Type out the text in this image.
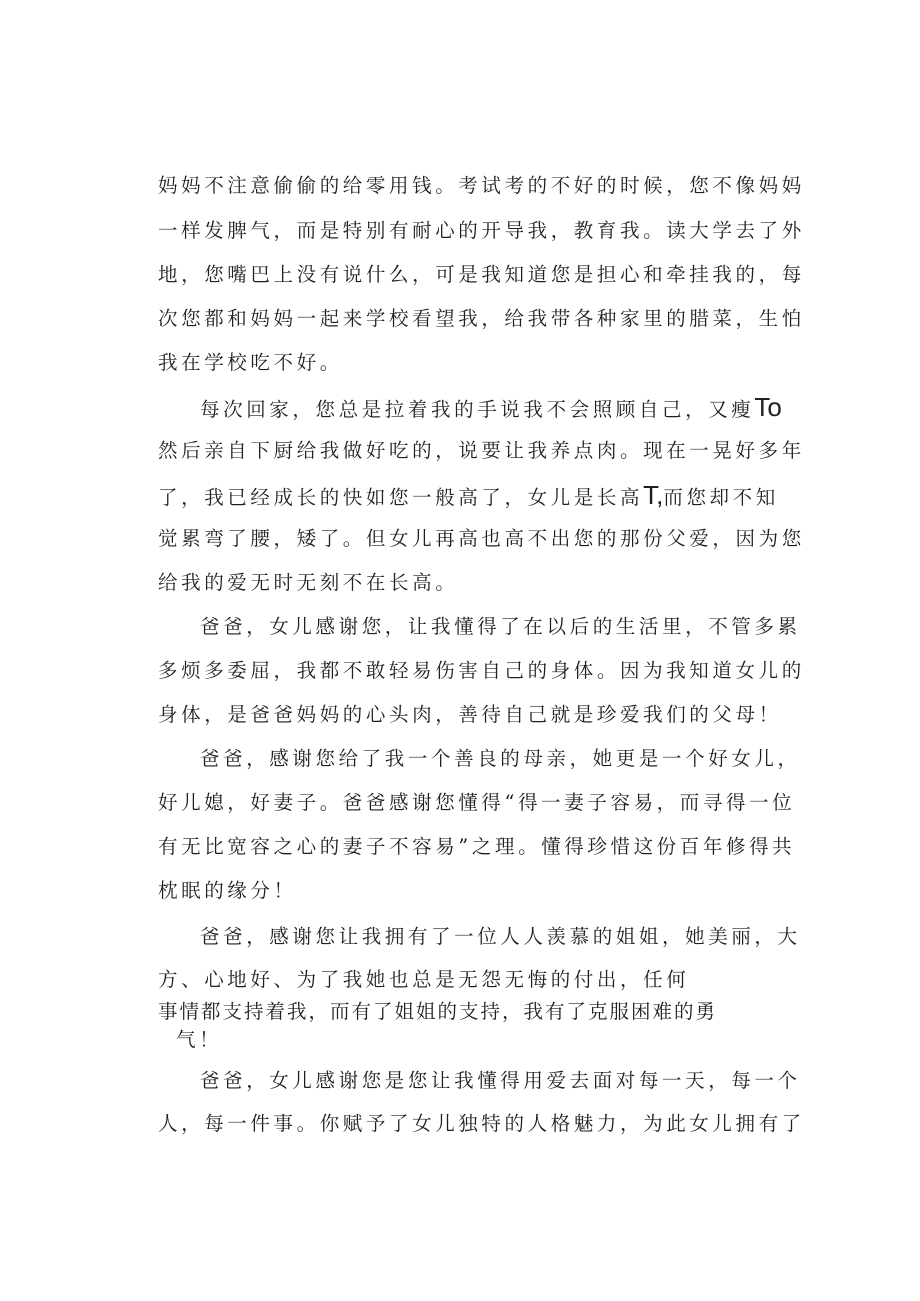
妈妈不注意偷偷的给零用钱。考试考的不好的时候，您不像妈妈
一样发脾气，而是特别有耐心的开导我，教育我。读大学去了外
地，您嘴巴上没有说什么，可是我知道您是担心和牵挂我的，每
次您都和妈妈一起来学校看望我，给我带各种家里的腊菜，生怕
我在学校吃不好。
每次回家，您总是拉着我的手说我不会照顾自己，又瘦To
然后亲自下厨给我做好吃的，说要让我养点肉。现在一晃好多年
了，我已经成长的快如您一般高了，女儿是长高T,而您却不知
觉累弯了腰，矮了。但女儿再高也高不出您的那份父爱，因为您
给我的爱无时无刻不在长高。
爸爸，女儿感谢您，让我懂得了在以后的生活里，不管多累
多烦多委屈，我都不敢轻易伤害自己的身体。因为我知道女儿的
身体，是爸爸妈妈的心头肉，善待自己就是珍爱我们的父母！
爸爸，感谢您给了我一个善良的母亲，她更是一个好女儿，
好儿媳，好妻子。爸爸感谢您懂得“得一妻子容易，而寻得一位
有无比宽容之心的妻子不容易”之理。懂得珍惜这份百年修得共
枕眠的缘分！
爸爸，感谢您让我拥有了一位人人羡慕的姐姐，她美丽，大
方、心地好、为了我她也总是无怨无悔的付出，任何
事情都支持着我，而有了姐姐的支持，我有了克服困难的勇
气！
爸爸，女儿感谢您是您让我懂得用爱去面对每一天，每一个
人，每一件事。你赋予了女儿独特的人格魅力，为此女儿拥有了
